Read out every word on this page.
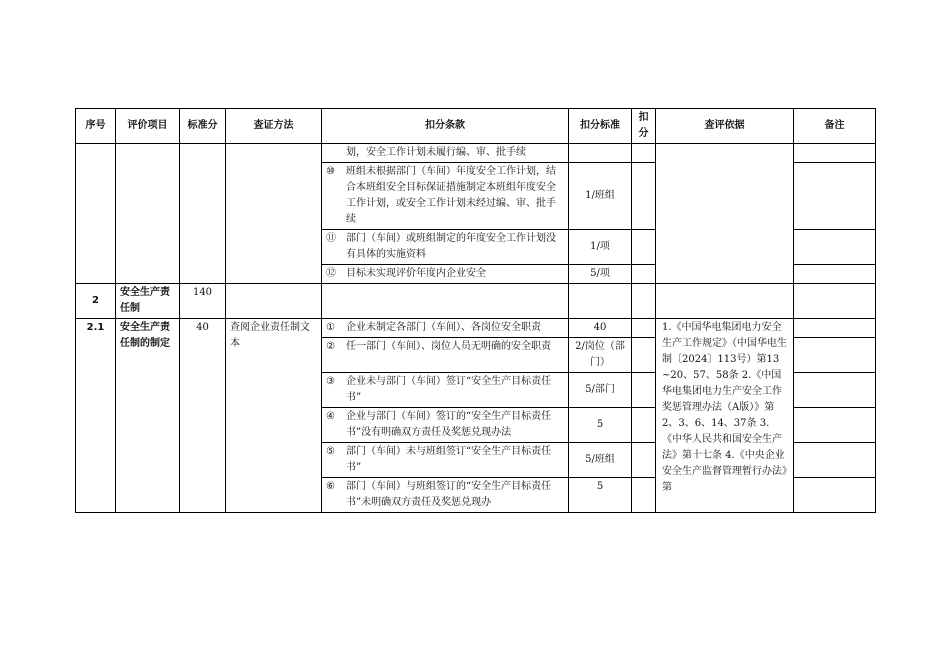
序号	评价项目	标准分	查证方法	扣分条款	扣分标准	扣分	查评依据	备注

				划，安全工作计划未履行编、审、批手续				

				⑩ 班组未根据部门（车间）年度安全工作计划，结合本班组安全目标保证措施制定本班组年度安全工作计划，或安全工作计划未经过编、审、批手续	1/班组			

				⑪ 部门（车间）或班组制定的年度安全工作计划没有具体的实施资料	1/项			

				⑫ 目标未实现评价年度内企业安全	5/项			
2	安全生产责任制	140						
2.1	安全生产责任制的制定	40	查阅企业责任制文本	① 企业未制定各部门（车间）、各岗位安全职责	40		1.《中国华电集团电力安全生产工作规定》（中国华电生制〔2024〕113号）第13~20、57、58条 2.《中国华电集团电力生产安全工作奖惩管理办法（A版）》第2、3、6、14、37条 3.《中华人民共和国安全生产法》第十七条 4.《中央企业安全生产监督管理暂行办法》第	

				② 任一部门（车间）、岗位人员无明确的安全职责	2/岗位（部门）			

				③ 企业未与部门（车间）签订“安全生产目标责任书”	5/部门			

				④ 企业与部门（车间）签订的“安全生产目标责任书”没有明确双方责任及奖惩兑现办法	5			

				⑤ 部门（车间）未与班组签订“安全生产目标责任书”	5/班组			

				⑥ 部门（车间）与班组签订的“安全生产目标责任书”未明确双方责任及奖惩兑现办	5			
